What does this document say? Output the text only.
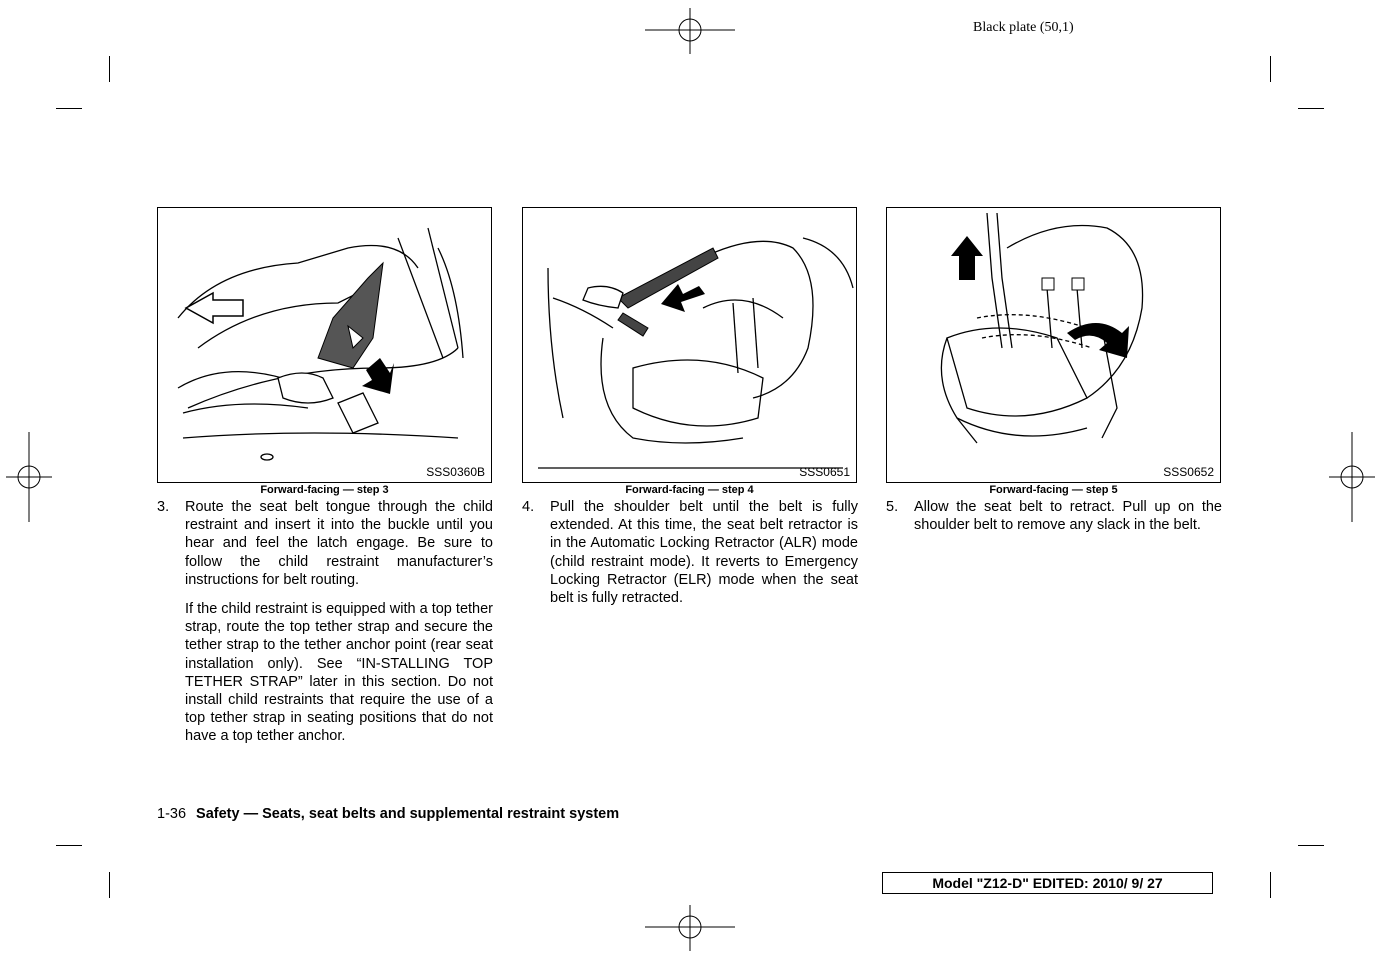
Black plate (50,1)
SSS0360B
Forward-facing — step 3
SSS0651
Forward-facing — step 4
SSS0652
Forward-facing — step 5
3.	Route the seat belt tongue through the child restraint and insert it into the buckle until you hear and feel the latch engage. Be sure to follow the child restraint manufacturer’s instructions for belt routing.
If the child restraint is equipped with a top tether strap, route the top tether strap and secure the tether strap to the tether anchor point (rear seat installation only). See “IN-STALLING TOP TETHER STRAP” later in this section. Do not install child restraints that require the use of a top tether strap in seating positions that do not have a top tether anchor.
4.	Pull the shoulder belt until the belt is fully extended. At this time, the seat belt retractor is in the Automatic Locking Retractor (ALR) mode (child restraint mode). It reverts to Emergency Locking Retractor (ELR) mode when the seat belt is fully retracted.
5.	Allow the seat belt to retract. Pull up on the shoulder belt to remove any slack in the belt.
1-36 Safety — Seats, seat belts and supplemental restraint system
Model "Z12-D" EDITED: 2010/ 9/ 27
